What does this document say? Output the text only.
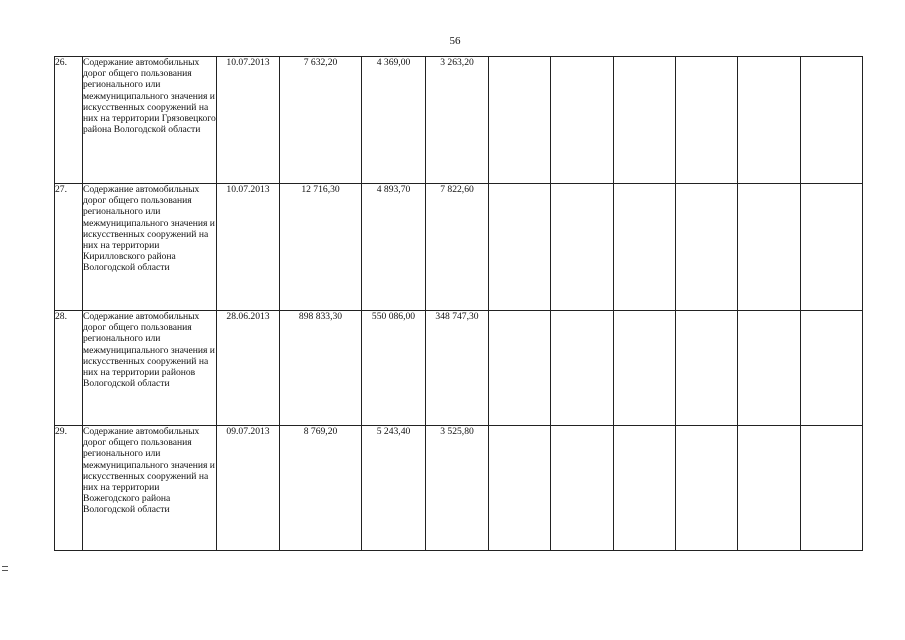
56
26.	Содержание автомобильных дорог общего пользования регионального или межмуниципального значения и искусственных сооружений на них на территории Грязовецкого района Вологодской области	10.07.2013	7 632,20	4 369,00	3 263,20						
27.	Содержание автомобильных дорог общего пользования регионального или межмуниципального значения и искусственных сооружений на них на территории Кирилловского района Вологодской области	10.07.2013	12 716,30	4 893,70	7 822,60						
28.	Содержание автомобильных дорог общего пользования регионального или межмуниципального значения и искусственных сооружений на них на территории районов Вологодской области	28.06.2013	898 833,30	550 086,00	348 747,30						
29.	Содержание автомобильных дорог общего пользования регионального или межмуниципального значения и искусственных сооружений на них на территории Вожегодского района Вологодской области	09.07.2013	8 769,20	5 243,40	3 525,80						
